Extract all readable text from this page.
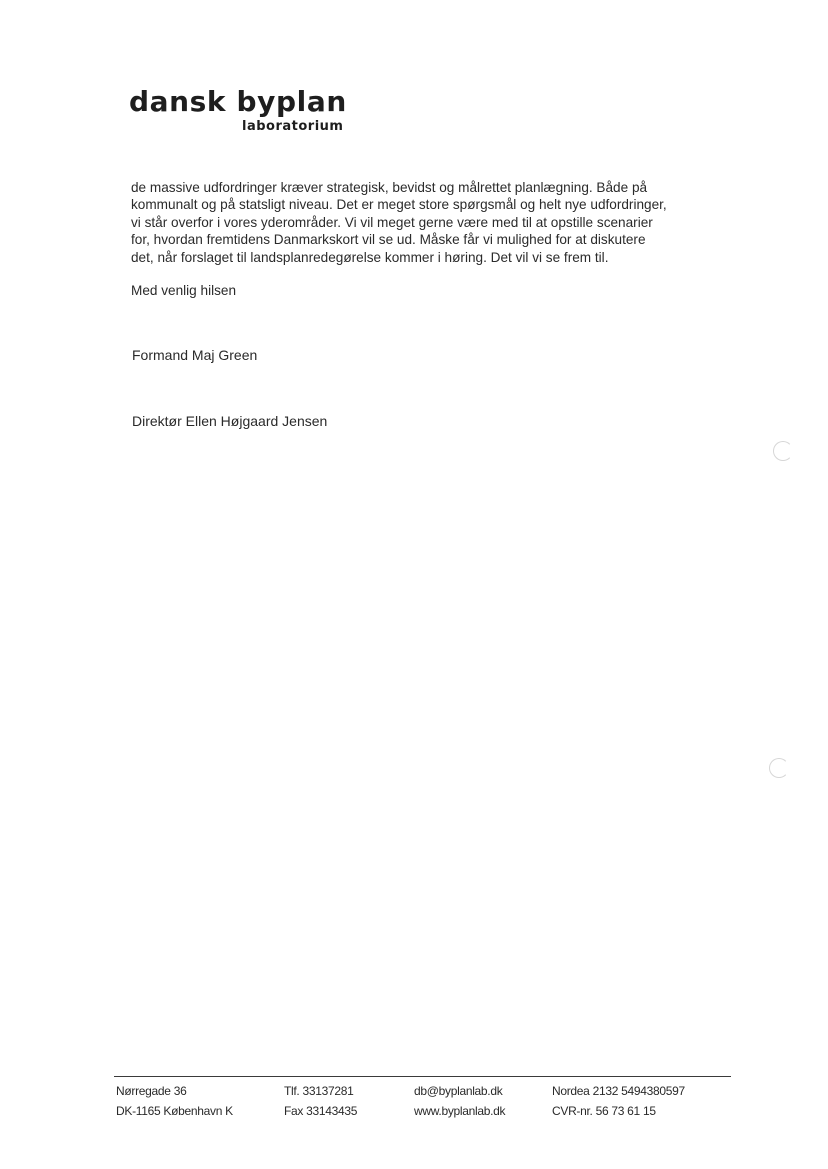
dansk byplan
laboratorium
de massive udfordringer kræver strategisk, bevidst og målrettet planlægning. Både på
kommunalt og på statsligt niveau. Det er meget store spørgsmål og helt nye udfordringer,
vi står overfor i vores yderområder. Vi vil meget gerne være med til at opstille scenarier
for, hvordan fremtidens Danmarkskort vil se ud. Måske får vi mulighed for at diskutere
det, når forslaget til landsplanredegørelse kommer i høring. Det vil vi se frem til.
Med venlig hilsen
Formand Maj Green
Direktør Ellen Højgaard Jensen
Nørregade 36
DK-1165 København K
Tlf. 33137281
Fax 33143435
db@byplanlab.dk
www.byplanlab.dk
Nordea 2132 5494380597
CVR-nr. 56 73 61 15
